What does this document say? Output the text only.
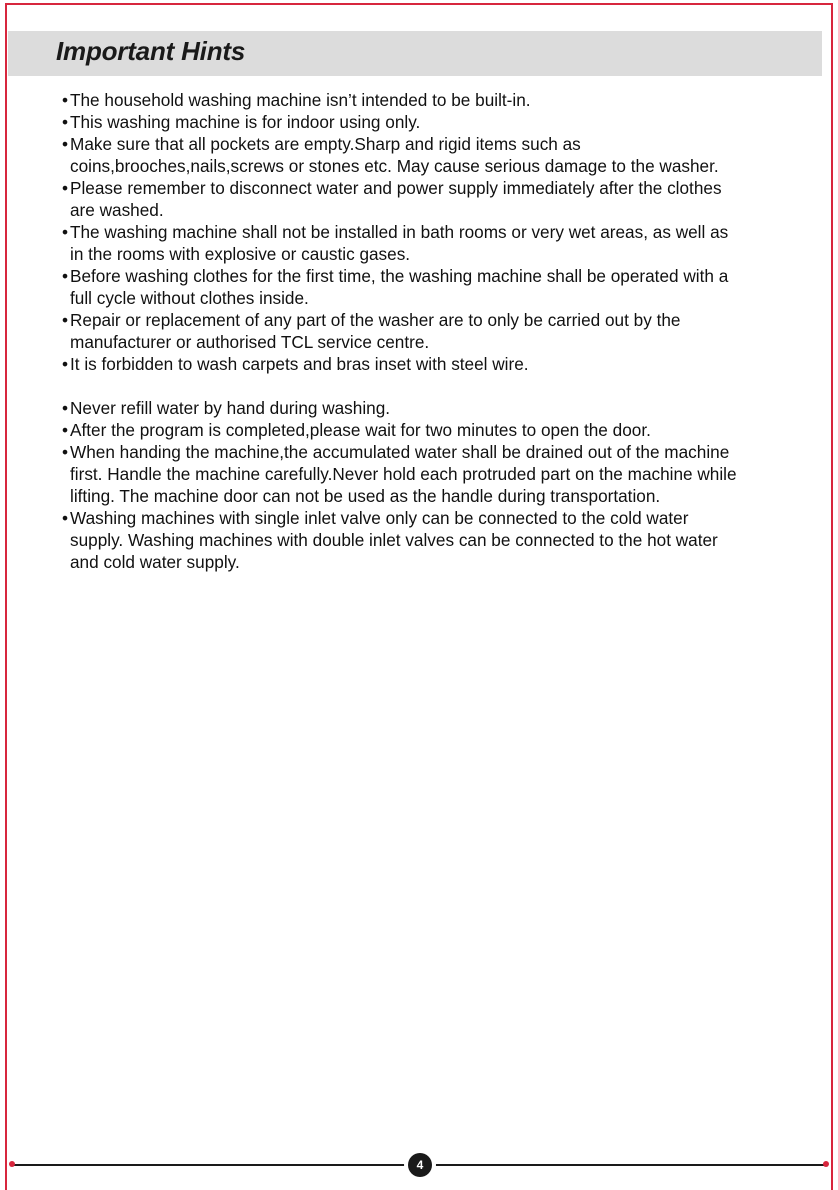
Important Hints
• The household washing machine isn’t intended to be built-in.
• This washing machine is for indoor using only.
• Make sure that all pockets are empty.Sharp and rigid items such as coins,brooches,nails,screws or stones etc. May cause serious damage to the washer.
• Please remember to disconnect water and power supply immediately after the clothes are washed.
• The washing machine shall not be installed in bath rooms or very wet areas, as well as in the rooms with explosive or caustic gases.
• Before washing clothes for the first time, the washing machine shall be operated with a full cycle without clothes inside.
• Repair or replacement of any part of the washer are to only be carried out by the manufacturer or authorised TCL service centre.
• It is forbidden to wash carpets and bras inset with steel wire.
• Never refill water by hand during washing.
• After the program is completed,please wait for two minutes to open the door.
• When handing the machine,the accumulated water shall be drained out of the machine first. Handle the machine carefully.Never hold each protruded part on the machine while lifting. The machine door can not be used as the handle during transportation.
• Washing machines with single inlet valve only can be connected to the cold water supply. Washing machines with double inlet valves can be connected to the hot water and cold water supply.
4
